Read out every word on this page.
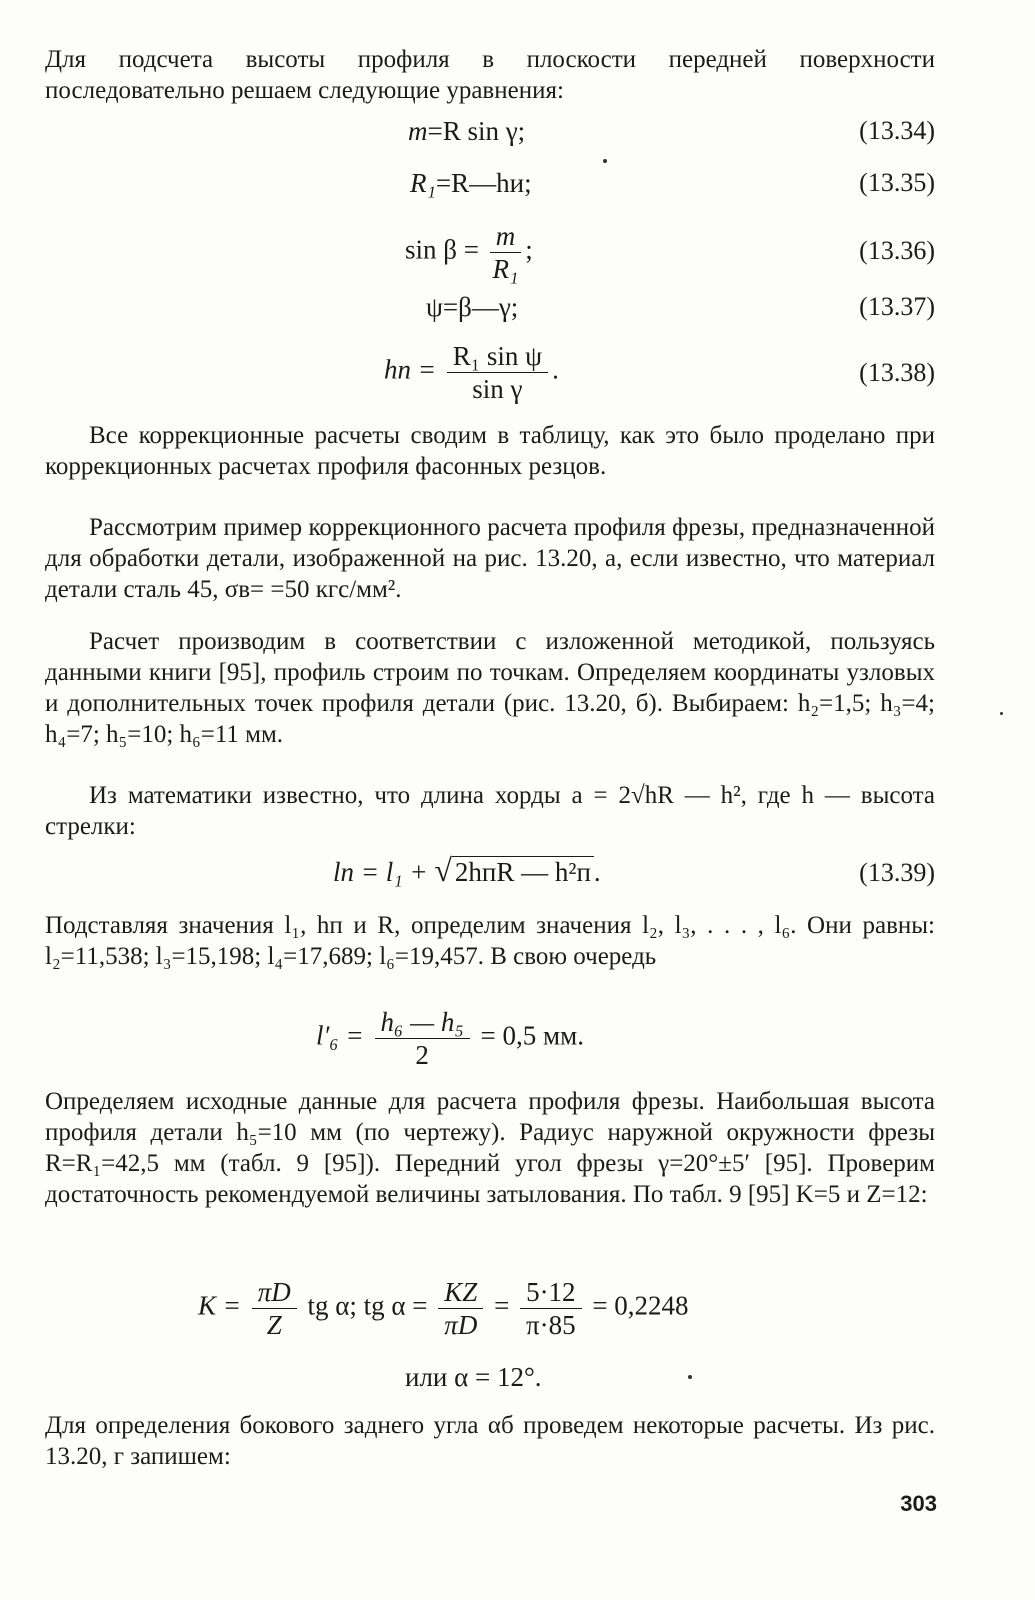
Для подсчета высоты профиля в плоскости передней поверхности последовательно решаем следующие уравнения:

m=R sin γ;	(13.34)
R₁=R—hи;	(13.35)
$\sin \beta = \frac{m}{\text{R₁}}$ ;	(13.36)
ψ=β—γ;	(13.37)
hп = $\frac{\text{R₁ sin ψ}}{\text{sin γ}}$ .	(13.38)

Все коррекционные расчеты сводим в таблицу, как это было проделано при коррекционных расчетах профиля фасонных резцов.

Рассмотрим пример коррекционного расчета профиля фрезы, предназначенной для обработки детали, изображенной на рис. 13.20, а, если известно, что материал детали сталь 45, σв= =50 кгс/мм².

Расчет производим в соответствии с изложенной методикой, пользуясь данными книги [95], профиль строим по точкам. Определяем координаты узловых и дополнительных точек профиля детали (рис. 13.20, б). Выбираем: h₂=1,5; h₃=4; h₄=7; h₅=10; h₆=11 мм.

Из математики известно, что длина хорды a = 2√hR — h², где h — высота стрелки:

lп = l₁ + √ 2hпR — h²п .	(13.39)

Подставляя значения l₁, hп и R, определим значения l₂, l₃, . . . , l₆. Они равны: l₂=11,538; l₃=15,198; l₄=17,689; l₆=19,457. В свою очередь

$l'_6 = \frac{\text{h₆ — h₅}}{2} = 0,5$ мм.

Определяем исходные данные для расчета профиля фрезы. Наибольшая высота профиля детали h₅=10 мм (по чертежу). Радиус наружной окружности фрезы R=R₁=42,5 мм (табл. 9 [95]). Передний угол фрезы γ=20°±5′ [95]. Проверим достаточность рекомендуемой величины затылования. По табл. 9 [95] K=5 и Z=12:

$K = \frac{\pi D}{Z}$ tg α; tg $\alpha = \frac{KZ}{\pi D} = \frac{5\cdot 12}{\pi\cdot 85} = 0,2248$
или α = 12°.

Для определения бокового заднего угла αб проведем некоторые расчеты. Из рис. 13.20, г запишем:

303
